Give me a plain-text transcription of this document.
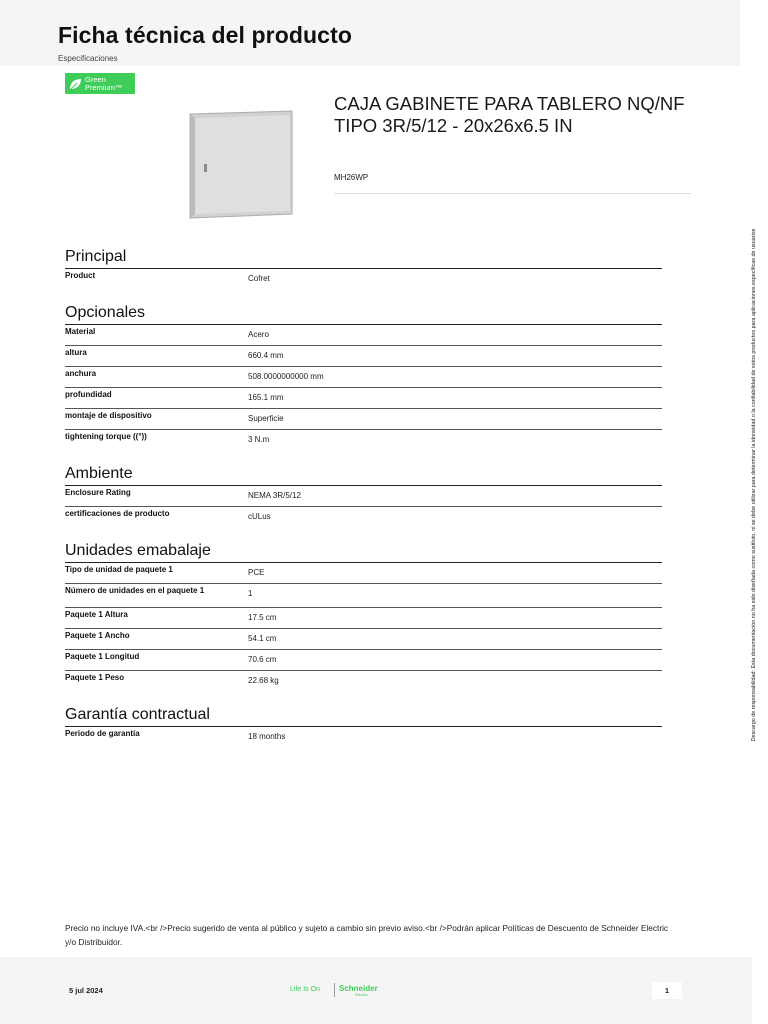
Ficha técnica del producto
Especificaciones
Green
Premium™
CAJA GABINETE PARA TABLERO NQ/NF TIPO 3R/5/12 - 20x26x6.5 IN
MH26WP
Descargo de responsabilidad: Esta documentación no ha sido diseñada como sustituto, ni se debe utilizar para determinar la idoneidad o la confiabilidad de estos productos para aplicaciones específicas de usuarios
Principal
Product	Cofret
Opcionales
Material	Acero
altura	660.4 mm
anchura	508.0000000000 mm
profundidad	165.1 mm
montaje de dispositivo	Superficie
tightening torque ((°))	3 N.m
Ambiente
Enclosure Rating	NEMA 3R/5/12
certificaciones de producto	cULus
Unidades emabalaje
Tipo de unidad de paquete 1	PCE
Número de unidades en el paquete 1	1
Paquete 1 Altura	17.5 cm
Paquete 1 Ancho	54.1 cm
Paquete 1 Longitud	70.6 cm
Paquete 1 Peso	22.68 kg
Garantía contractual
Periodo de garantía	18 months
Precio no incluye IVA.<br />Precio sugerido de venta al público y sujeto a cambio sin previo aviso.<br />Podrán aplicar Políticas de Descuento de Schneider Electric y/o Distribuidor.
5 jul 2024	Life Is On Schneider
Electric	1
